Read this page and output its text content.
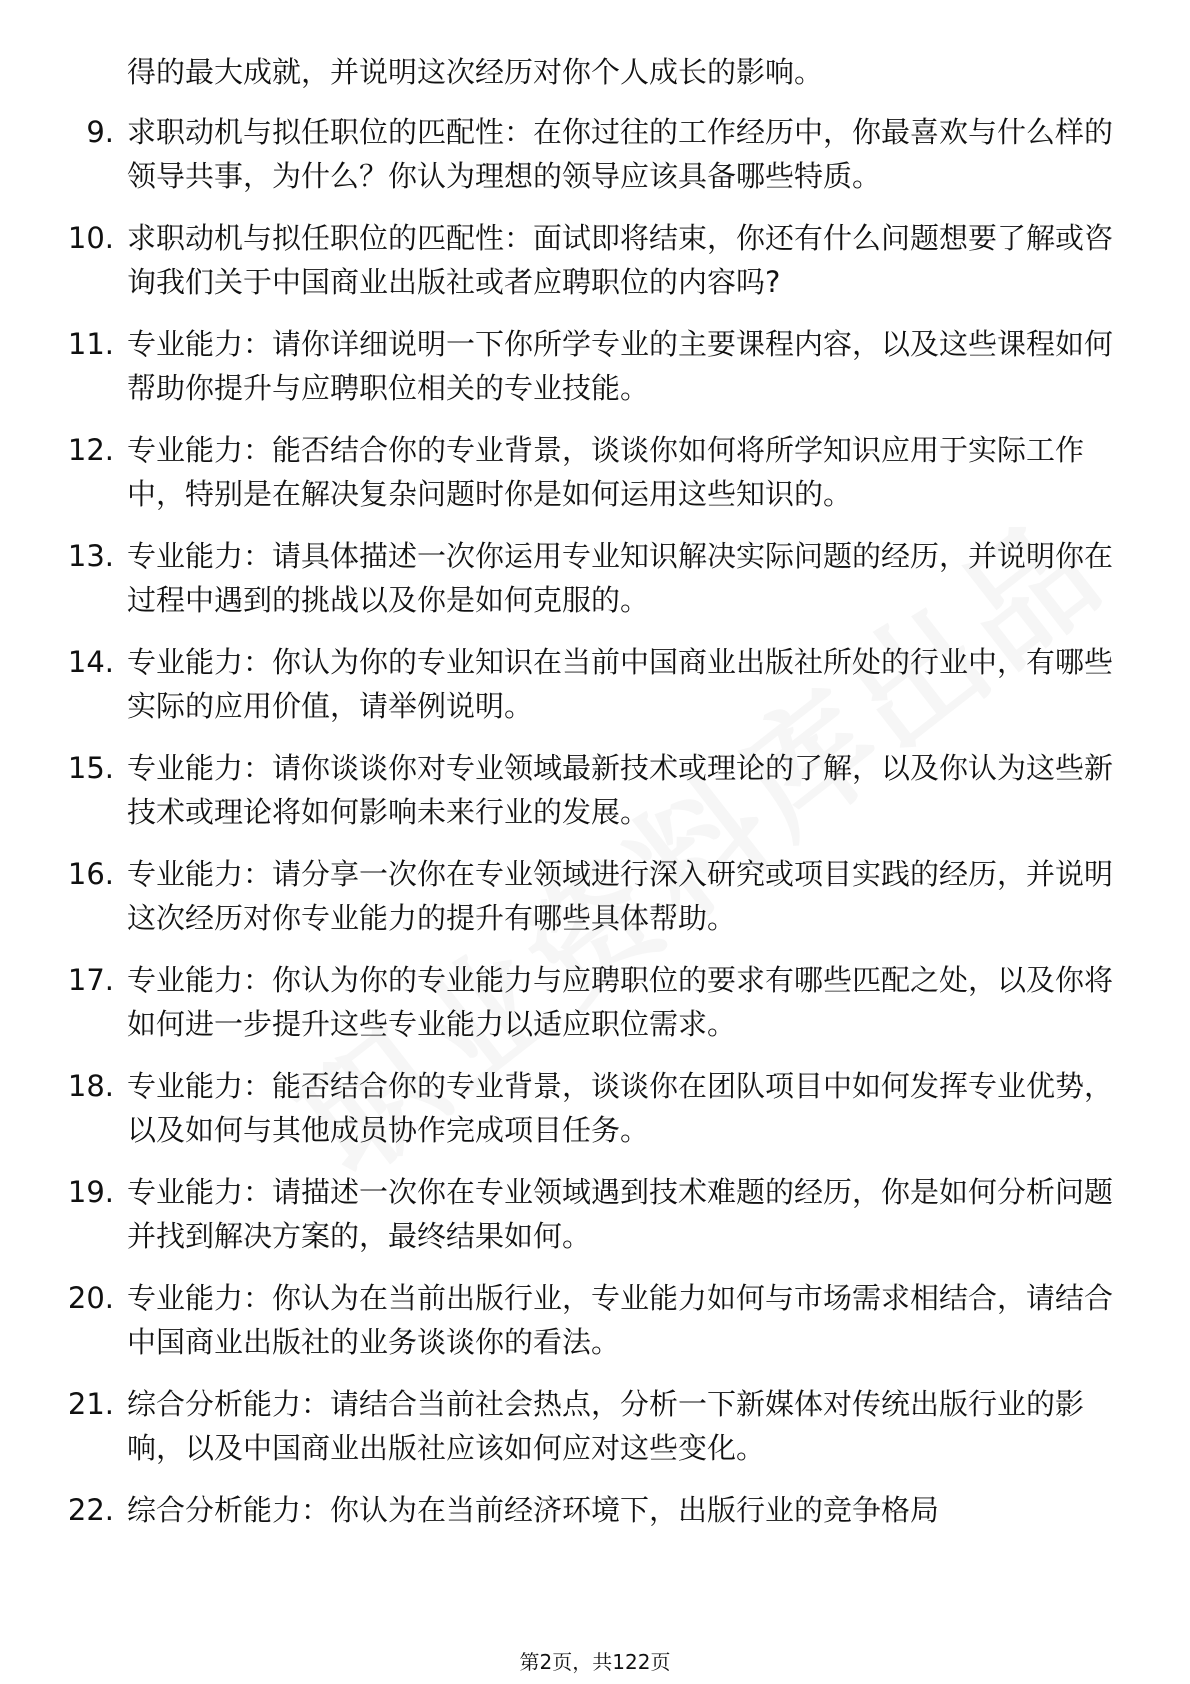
得的最大成就，并说明这次经历对你个人成长的影响。

9. 求职动机与拟任职位的匹配性：在你过往的工作经历中，你最喜欢与什么样的领导共事，为什么？你认为理想的领导应该具备哪些特质。
10. 求职动机与拟任职位的匹配性：面试即将结束，你还有什么问题想要了解或咨询我们关于中国商业出版社或者应聘职位的内容吗?
11. 专业能力：请你详细说明一下你所学专业的主要课程内容，以及这些课程如何帮助你提升与应聘职位相关的专业技能。
12. 专业能力：能否结合你的专业背景，谈谈你如何将所学知识应用于实际工作中，特别是在解决复杂问题时你是如何运用这些知识的。
13. 专业能力：请具体描述一次你运用专业知识解决实际问题的经历，并说明你在过程中遇到的挑战以及你是如何克服的。
14. 专业能力：你认为你的专业知识在当前中国商业出版社所处的行业中，有哪些实际的应用价值，请举例说明。
15. 专业能力：请你谈谈你对专业领域最新技术或理论的了解，以及你认为这些新技术或理论将如何影响未来行业的发展。
16. 专业能力：请分享一次你在专业领域进行深入研究或项目实践的经历，并说明这次经历对你专业能力的提升有哪些具体帮助。
17. 专业能力：你认为你的专业能力与应聘职位的要求有哪些匹配之处，以及你将如何进一步提升这些专业能力以适应职位需求。
18. 专业能力：能否结合你的专业背景，谈谈你在团队项目中如何发挥专业优势，以及如何与其他成员协作完成项目任务。
19. 专业能力：请描述一次你在专业领域遇到技术难题的经历，你是如何分析问题并找到解决方案的，最终结果如何。
20. 专业能力：你认为在当前出版行业，专业能力如何与市场需求相结合，请结合中国商业出版社的业务谈谈你的看法。
21. 综合分析能力：请结合当前社会热点，分析一下新媒体对传统出版行业的影响，以及中国商业出版社应该如何应对这些变化。
22. 综合分析能力：你认为在当前经济环境下，出版行业的竞争格局
第2页，共122页
